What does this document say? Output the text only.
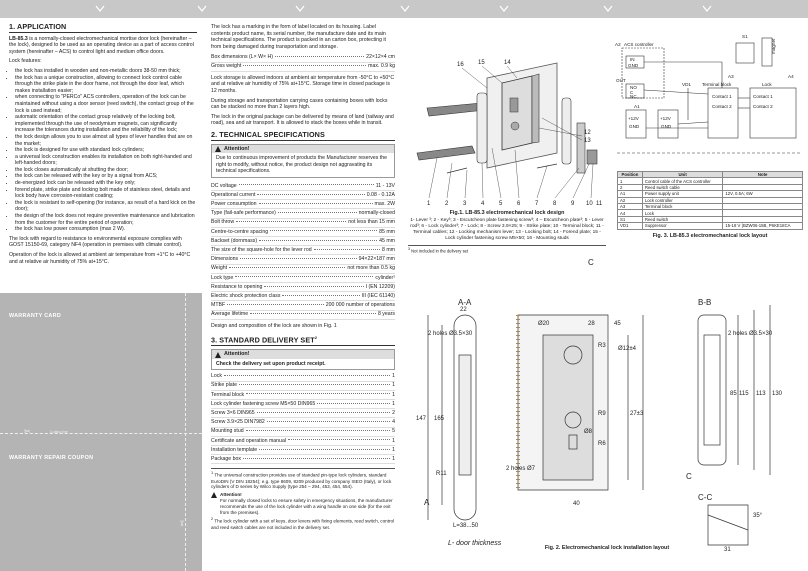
1. APPLICATION

LB-85.3 is a normally-closed electromechanical mortise door lock (hereinafter – the lock), designed to be used as an operating device as a part of access control system (hereinafter – ACS) to control light and medium office doors.

Lock features:

• the lock has installed in wooden and non-metallic doors 38-50 mm thick;
• the lock has a unique construction, allowing to connect lock control cable through the strike plate in the door frame, not through the door leaf, which makes installation easier;
• when connecting to "PERCo" ACS controllers, operation of the lock can be maintained without using a door sensor (reed switch), the contact group of the lock is used instead;
• automatic orientation of the contact group relatively of the locking bolt, implemented through the use of neodymium magnets, can significantly increase the tolerances during installation and the reliability of the lock;
• the lock design allows you to use almost all types of lever handles that are on the market;
• the lock is designed for use with standard lock cylinders;
• a universal lock construction enables its installation on both right-handed and left-handed doors;
• the lock closes automatically at shutting the door;
• the lock can be released with the key or by a signal from ACS;
• de-energized lock can be released with the key only;
• forend plate, strike plate and locking bolt made of stainless steel, details and lock body have corrosion-resistant coating;
• the lock is resistant to self-opening (for instance, as result of a hard kick on the door);
• the design of the lock does not require preventive maintenance and lubrication from the customer for the entire period of operation;
• the lock has low power consumption (max 2 W).

The lock with regard to resistance to environmental exposure complies with GOST 15150-69, category NF4 (operation in premises with climate control).

Operation of the lock is allowed at ambient air temperature from +1°C to +40°C and at relative air humidity of 75% at+15°C.

WARRANTY CARD
✂	Cutting line
WARRANTY REPAIR COUPON
✂

The lock has a marking in the form of label located on its housing. Label contents product name, its serial number, the manufacture date and its main technical specifications. The product is packed in an carton box, protecting it from being damaged during transportation and storage.

Box dimensions (L× W× H)	22×12×4 cm
Gross weight	max. 0.9 kg

Lock storage is allowed indoors at ambient air temperature from -50°C to +50°C and at relative air humidity of 75% at+15°C. Storage time in closed package is 12 months.

During storage and transportation carrying cases containing boxes with locks can be stacked no more than 2 layers high.

The lock in the original package can be delivered by means of land (railway and road), sea and air transport. It is allowed to stack the boxes while in transit.

2. TECHNICAL SPECIFICATIONS
Attention!
Due to continuous improvement of products the Manufacturer reserves the right to modify, without notice, the product design not aggravating its technical specifications.
DC voltage	11 - 13V
Operational current	0.08 - 0.12A
Power consumption	max. 2W
Type (fail-safe performance)	normally-closed
Bolt throw	not less than 15 mm
Centre-to-centre spacing	85 mm
Backset (dornmass)	45 mm
The size of the square-hole for the lever rod	8 mm
Dimensions	94×22×187 mm
Weight	not more than 0.5 kg
Lock type	cylinder¹
Resistance to opening	I (EN 12209)
Electric shock protection class	III (IEC 61140)
MTBF	200 000 number of operations
Average lifetime	8 years

Design and composition of the lock are shown in Fig. 1

3. STANDARD DELIVERY SET$^2$
Attention!
Check the delivery set upon product receipt.
Lock	1
Strike plate	1
Terminal block	1
Lock cylinder fastening screw M5×50 DIN965	1
Screw 3×6 DIN965	2
Screw 3.9×25 DIN7982	4
Mounting stud	5
Certificate and operation manual	1
Installation template	1
Package box	1
$^1$ The universal construction provides use of standard pin-type lock cylinders, standard EuroDIN (V DIN 18254); e.g. type 8609, 8209 produced by company ISEO (Italy), or lock cylinders of D series by Wilco Supply (type 254 – 294, 453, 454, 554).
Attention!
For normally closed locks to ensure safety in emergency situations, the manufacturer recommends the use of the lock cylinder with a wing handle on one side (for the exit from the premises).
$^2$ The lock cylinder with a set of keys, door levers with fixing elements, reed switch, control and reed switch cables are not included in the delivery set.
16 15	14
13
12
1 2 3 4 5 6 7 8 9 10 11
Fig.1. LB-85.3 electromechanical lock design
1- Lever ³; 2 - Key³; 3 - Escutcheon plate fastening screw³; 4 – Escutcheon plate³; 5 - Lever rod³; 6 - Lock cylinder³; 7 - Lock; 8 - Screw 3.9×25; 9 - Strike plate; 10 - Terminal block; 11 - Terminal cables; 12 - Locking mechanism lever; 13 - Locking bolt; 14 - Forend plate; 15 - Lock cylinder fastening screw M5×50; 16 - Mounting studs
$^3$ Not included in the delivery set
ACS controller
A2
IN
GND
OUT
NO
C
NC
A1
+12V
GND
+12V
GND
VD1 Terminal block
A3
Lock
A4
Contact 1
Contact 2
Contact 1
Contact 2
S1
magnet
Position	Unit	Note
1	Control cable of the ACS controller	
2	Reed switch cable	
A1	Power supply unit	12V, 0.5A; 6W
A2	Lock controller	
A3	Terminal block	
A4	Lock	
S1	Reed switch	
VD1	Suppressor	15-18 V (BZW06-15B, P6KE18CA
Fig. 3. LB-85.3 electromechanical lock layout
A-A	B-B
C-C
L- door thickness
Ø20	28	45
Ø12±4
27±3
2 holes Ø3.5×30	2 holes Ø3.5×30
147 165
R3
R9
R6
Ø8
2 holes Ø7
R11
22
40
L=38...50
115
85	113 130
35°
31
C
C
A
Fig. 2. Electromechanical lock installation layout
